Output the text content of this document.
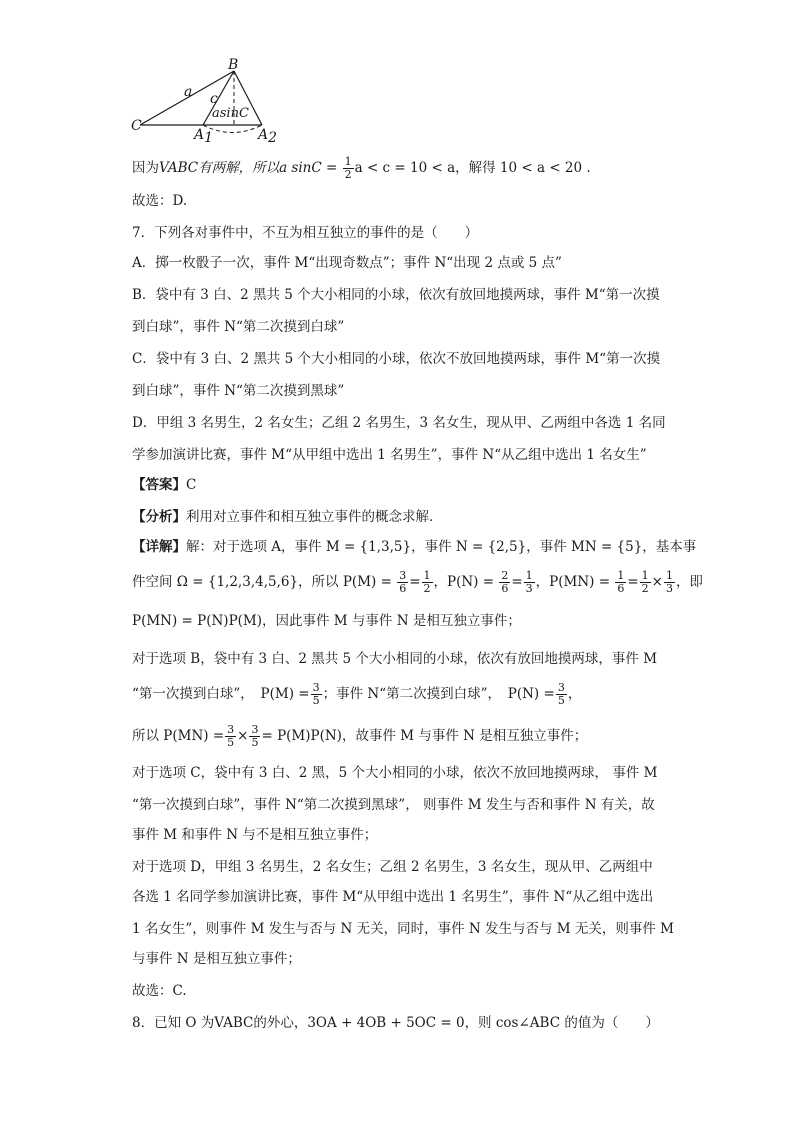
B
C
a c
asinC
A1	A2
因为VABC有两解，所以a $\sin C = \frac{1}{2}$ a < c = 10 < a，解得 10 < a < 20 .
故选：D.
7．下列各对事件中，不互为相互独立的事件的是（　　）
A．掷一枚骰子一次，事件 M“出现奇数点”；事件 N“出现 2 点或 5 点”
B．袋中有 3 白、2 黑共 5 个大小相同的小球，依次有放回地摸两球，事件 M“第一次摸
到白球”，事件 N“第二次摸到白球”
C．袋中有 3 白、2 黑共 5 个大小相同的小球，依次不放回地摸两球，事件 M“第一次摸
到白球”，事件 N“第二次摸到黑球”
D．甲组 3 名男生，2 名女生；乙组 2 名男生，3 名女生，现从甲、乙两组中各选 1 名同
学参加演讲比赛，事件 M“从甲组中选出 1 名男生”，事件 N“从乙组中选出 1 名女生”
【答案】C
【分析】利用对立事件和相互独立事件的概念求解．
【详解】解：对于选项 A，事件 M = {1,3,5}，事件 N = {2,5}，事件 MN = {5}，基本事
件空间 Ω = {1,2,3,4,5,6}，所以 $P(M) = \frac{3}{6} = \frac{1}{2}$ ，$P(N) = \frac{2}{6} = \frac{1}{3}$ ，$P(MN) = \frac{1}{6} = \frac{1}{2} \times \frac{1}{3}$ ，即
P(MN) = P(N)P(M)，因此事件 M 与事件 N 是相互独立事件；
对于选项 B，袋中有 3 白、2 黑共 5 个大小相同的小球，依次有放回地摸两球，事件 M
“第一次摸到白球”，　$P(M) = \frac{3}{5}$ ；事件 N“第二次摸到白球”，　$P(N) = \frac{3}{5}$ ，
所以 $P(MN) = \frac{3}{5} \times \frac{3}{5} = P(M)P(N)$，故事件 M 与事件 N 是相互独立事件；
对于选项 C，袋中有 3 白、2 黑，5 个大小相同的小球，依次不放回地摸两球， 事件 M
“第一次摸到白球”，事件 N“第二次摸到黑球”， 则事件 M 发生与否和事件 N 有关，故
事件 M 和事件 N 与不是相互独立事件；
对于选项 D，甲组 3 名男生，2 名女生；乙组 2 名男生，3 名女生，现从甲、乙两组中
各选 1 名同学参加演讲比赛，事件 M“从甲组中选出 1 名男生”，事件 N“从乙组中选出
1 名女生”，则事件 M 发生与否与 N 无关，同时，事件 N 发生与否与 M 无关，则事件 M
与事件 N 是相互独立事件；
故选：C.
8．已知 O 为VABC的外心，3OA + 4OB + 5OC = 0，则 cos∠ABC 的值为（　　）
